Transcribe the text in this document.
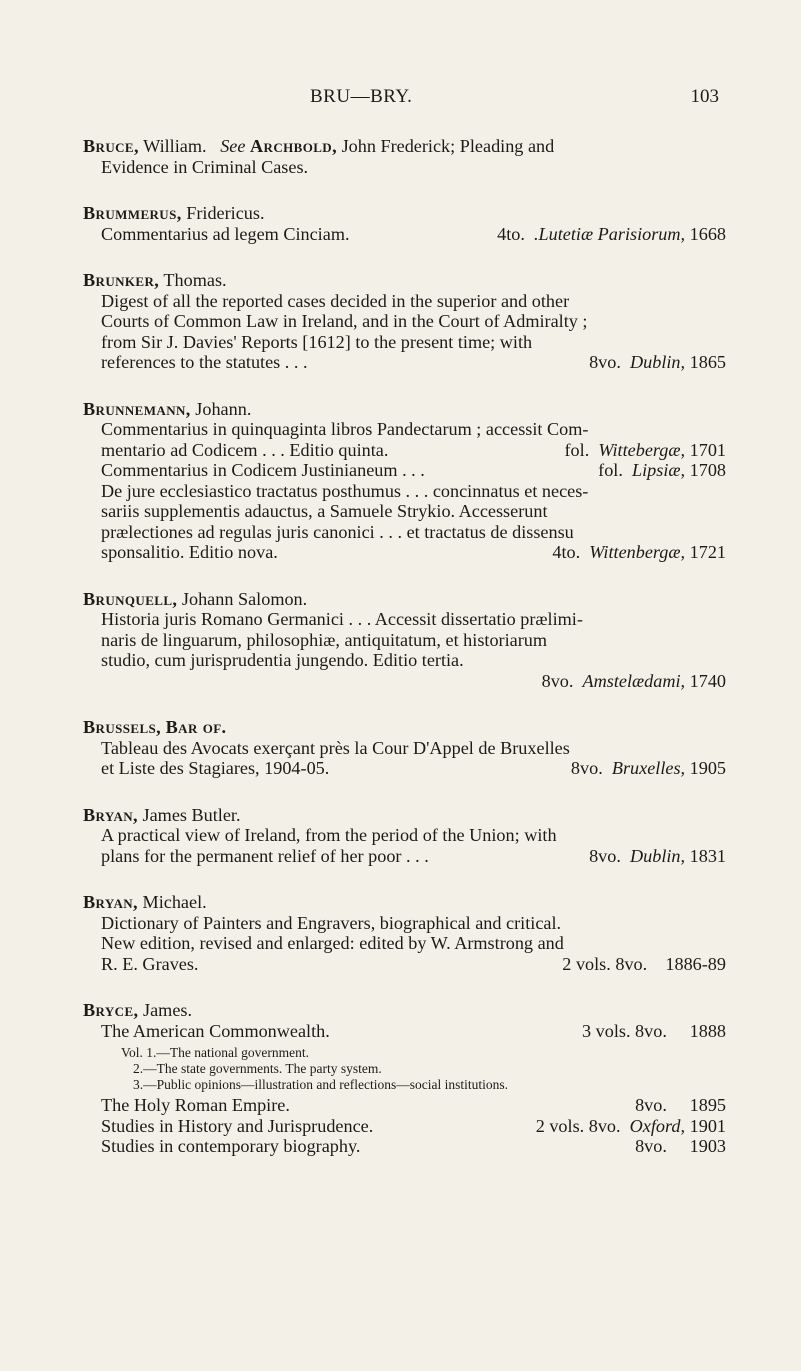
BRU—BRY.	103
Bruce, William. See Archbold, John Frederick; Pleading and
Evidence in Criminal Cases.
Brummerus, Fridericus.
Commentarius ad legem Cinciam.	4to. .Lutetiæ Parisiorum, 1668
Brunker, Thomas.
Digest of all the reported cases decided in the superior and other
Courts of Common Law in Ireland, and in the Court of Admiralty ;
from Sir J. Davies' Reports [1612] to the present time; with
references to the statutes . . .	8vo. Dublin, 1865
Brunnemann, Johann.
Commentarius in quinquaginta libros Pandectarum ; accessit Com-
mentario ad Codicem . . . Editio quinta.	fol. Wittebergæ, 1701
Commentarius in Codicem Justinianeum . . .	fol. Lipsiæ, 1708
De jure ecclesiastico tractatus posthumus . . . concinnatus et neces-
sariis supplementis adauctus, a Samuele Strykio. Accesserunt
prælectiones ad regulas juris canonici . . . et tractatus de dissensu
sponsalitio. Editio nova.	4to. Wittenbergæ, 1721
Brunquell, Johann Salomon.
Historia juris Romano Germanici . . . Accessit dissertatio prælimi-
naris de linguarum, philosophiæ, antiquitatum, et historiarum
studio, cum jurisprudentia jungendo. Editio tertia.
8vo. Amstelædami, 1740
Brussels, Bar of.
Tableau des Avocats exerçant près la Cour D'Appel de Bruxelles
et Liste des Stagiares, 1904-05.	8vo. Bruxelles, 1905
Bryan, James Butler.
A practical view of Ireland, from the period of the Union; with
plans for the permanent relief of her poor . . .	8vo. Dublin, 1831
Bryan, Michael.
Dictionary of Painters and Engravers, biographical and critical.
New edition, revised and enlarged: edited by W. Armstrong and
R. E. Graves.	2 vols. 8vo. 1886-89
Bryce, James.
The American Commonwealth.	3 vols. 8vo. 1888
Vol. 1.—The national government.
2.—The state governments. The party system.
3.—Public opinions—illustration and reflections—social institutions.
The Holy Roman Empire.	8vo. 1895
Studies in History and Jurisprudence.	2 vols. 8vo. Oxford, 1901
Studies in contemporary biography.	8vo. 1903
